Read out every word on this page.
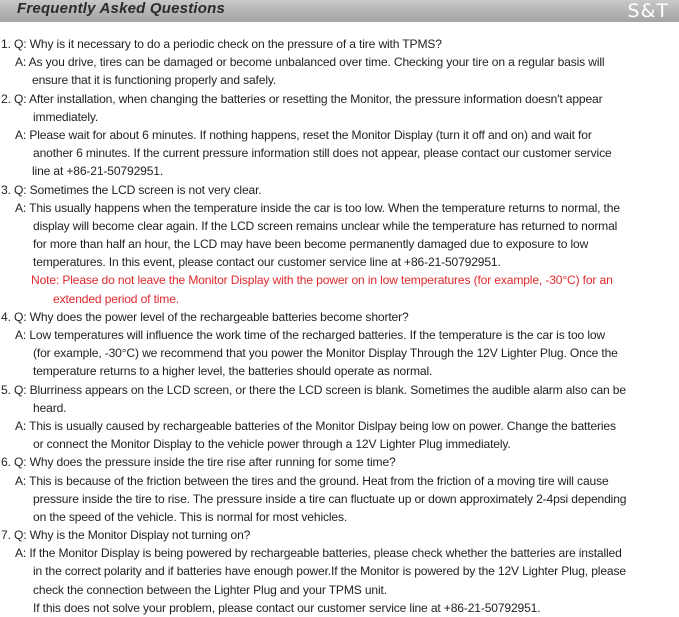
Frequently Asked Questions	S&T
1. Q: Why is it necessary to do a periodic check on the pressure of a tire with TPMS?
A: As you drive, tires can be damaged or become unbalanced over time. Checking your tire on a regular basis will
ensure that it is functioning properly and safely.
2. Q: After installation, when changing the batteries or resetting the Monitor, the pressure information doesn't appear
immediately.
A: Please wait for about 6 minutes. If nothing happens, reset the Monitor Display (turn it off and on) and wait for
another 6 minutes. If the current pressure information still does not appear, please contact our customer service
line at +86-21-50792951.
3. Q: Sometimes the LCD screen is not very clear.
A: This usually happens when the temperature inside the car is too low. When the temperature returns to normal, the
display will become clear again. If the LCD screen remains unclear while the temperature has returned to normal
for more than half an hour, the LCD may have been become permanently damaged due to exposure to low
temperatures. In this event, please contact our customer service line at +86-21-50792951.
Note: Please do not leave the Monitor Display with the power on in low temperatures (for example, -30°C) for an
extended period of time.
4. Q: Why does the power level of the rechargeable batteries become shorter?
A: Low temperatures will influence the work time of the recharged batteries. If the temperature is the car is too low
(for example, -30°C) we recommend that you power the Monitor Display Through the 12V Lighter Plug. Once the
temperature returns to a higher level, the batteries should operate as normal.
5. Q: Blurriness appears on the LCD screen, or there the LCD screen is blank. Sometimes the audible alarm also can be
heard.
A: This is usually caused by rechargeable batteries of the Monitor Dislpay being low on power. Change the batteries
or connect the Monitor Display to the vehicle power through a 12V Lighter Plug immediately.
6. Q: Why does the pressure inside the tire rise after running for some time?
A: This is because of the friction between the tires and the ground. Heat from the friction of a moving tire will cause
pressure inside the tire to rise. The pressure inside a tire can fluctuate up or down approximately 2-4psi depending
on the speed of the vehicle. This is normal for most vehicles.
7. Q: Why is the Monitor Display not turning on?
A: If the Monitor Display is being powered by rechargeable batteries, please check whether the batteries are installed
in the correct polarity and if batteries have enough power.If the Monitor is powered by the 12V Lighter Plug, please
check the connection between the Lighter Plug and your TPMS unit.
If this does not solve your problem, please contact our customer service line at +86-21-50792951.
